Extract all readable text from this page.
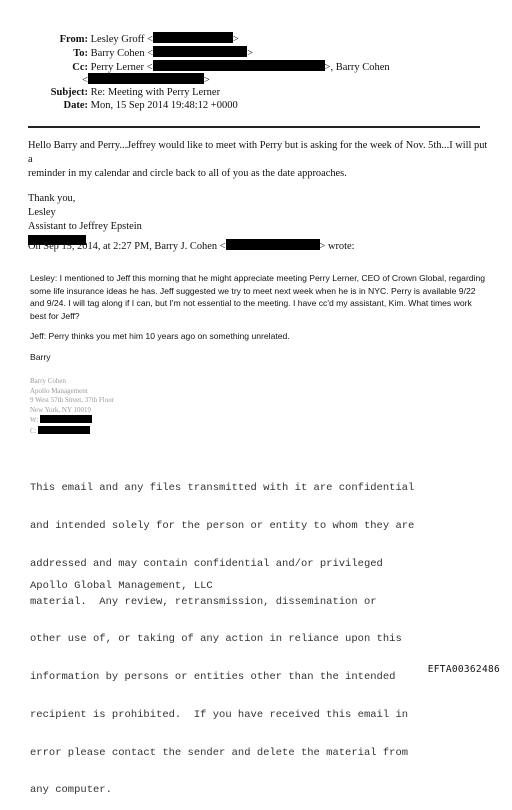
From: Lesley Groff <	>
To: Barry Cohen <	>
Cc: Perry Lerner <	>, Barry Cohen
<	>
Subject: Re: Meeting with Perry Lerner
Date: Mon, 15 Sep 2014 19:48:12 +0000

Hello Barry and Perry...Jeffrey would like to meet with Perry but is asking for the week of Nov. 5th...I will put a

reminder in my calendar and circle back to all of you as the date approaches.

Thank you,

Lesley

Assistant to Jeffrey Epstein

On Sep 15, 2014, at 2:27 PM, Barry J. Cohen <	> wrote:
Lesley: I mentioned to Jeff this morning that he might appreciate meeting Perry Lerner, CEO of Crown Global, regarding
some life insurance ideas he has. Jeff suggested we try to meet next week when he is in NYC. Perry is available 9/22
and 9/24. I will tag along if I can, but I'm not essential to the meeting. I have cc'd my assistant, Kim. What times work
best for Jeff?
Jeff: Perry thinks you met him 10 years ago on something unrelated.
Barry
Barry Cohen
Apollo Management
9 West 57th Street, 37th Floor
New York, NY 10019
W:
C:

This email and any files transmitted with it are confidential

and intended solely for the person or entity to whom they are

addressed and may contain confidential and/or privileged

material.  Any review, retransmission, dissemination or

other use of, or taking of any action in reliance upon this

information by persons or entities other than the intended

recipient is prohibited.  If you have received this email in

error please contact the sender and delete the material from

any computer.

Apollo Global Management, LLC
EFTA00362486
